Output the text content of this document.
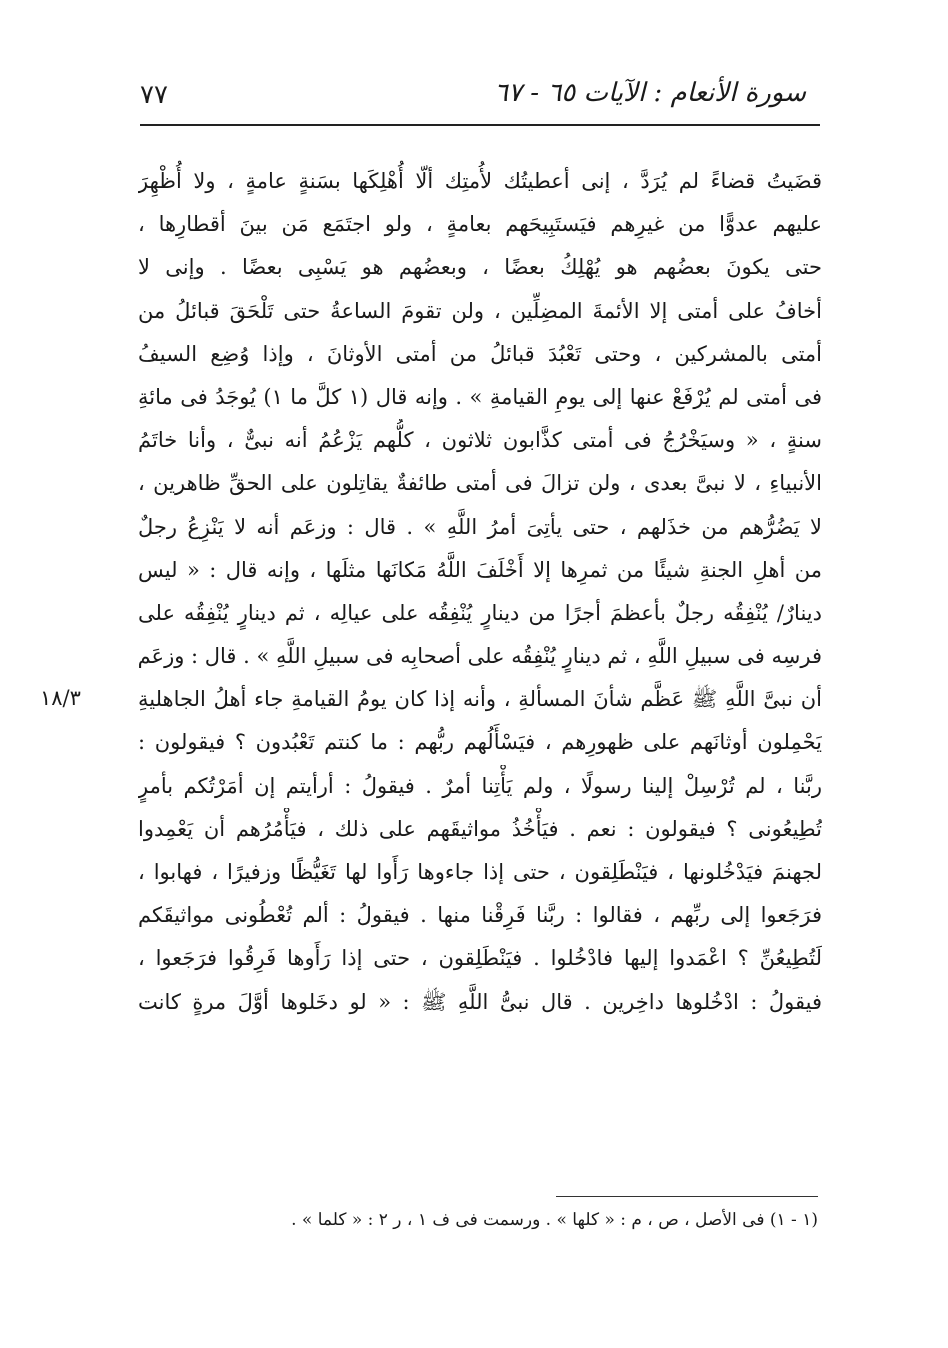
٧٧	سورة الأنعام : الآيات ٦٥ - ٦٧
١٨/٣
قضَيتُ قضاءً لم يُرَدَّ ، إنى أعطيتُك لأُمتِك ألّا أُهْلِكَها بسَنةٍ عامةٍ ، ولا أُظْهِرَ
عليهم عدوًّا من غيرِهم فيَستَبِيحَهم بعامةٍ ، ولو اجتَمَع مَن بينَ أقطارِها ،
حتى يكونَ بعضُهم هو يُهْلِكُ بعضًا ، وبعضُهم هو يَسْبِى بعضًا . وإنى لا
أخافُ على أمتى إلا الأئمةَ المضِلِّين ، ولن تقومَ الساعةُ حتى تَلْحَقَ قبائلُ من
أمتى بالمشركين ، وحتى تَعْبُدَ قبائلُ من أمتى الأوثانَ ، وإذا وُضِع السيفُ
فى أمتى لم يُرْفَعْ عنها إلى يومِ القيامةِ » . وإنه قال (١ كلَّ ما ١) يُوجَدُ فى مائةِ
سنةٍ ، « وسيَخْرُجُ فى أمتى كذَّابون ثلاثون ، كلُّهم يَزْعُمُ أنه نبىٌّ ، وأنا خاتَمُ
الأنبياءِ ، لا نبىَّ بعدى ، ولن تزالَ فى أمتى طائفةٌ يقاتِلون على الحقِّ ظاهرين ،
لا يَضُرُّهم من خذَلهم ، حتى يأتِىَ أمرُ اللَّهِ » . قال : وزعَم أنه لا يَنْزِعُ رجلٌ
من أهلِ الجنةِ شيئًا من ثمرِها إلا أَخْلَفَ اللَّهُ مَكانَها مثلَها ، وإنه قال : « ليس
دينارٌ/ يُنْفِقُه رجلٌ بأعظمَ أجرًا من دينارٍ يُنْفِقُه على عيالِه ، ثم دينارٍ يُنْفِقُه على
فرسِه فى سبيلِ اللَّهِ ، ثم دينارٍ يُنْفِقُه على أصحابِه فى سبيلِ اللَّهِ » . قال : وزعَم
أن نبىَّ اللَّهِ ﷺ عَظَّم شأنَ المسألةِ ، وأنه إذا كان يومُ القيامةِ جاء أهلُ الجاهليةِ
يَحْمِلون أوثانَهم على ظهورِهم ، فيَسْأَلُهم ربُّهم : ما كنتم تَعْبُدون ؟ فيقولون :
ربَّنا ، لم تُرْسِلْ إلينا رسولًا ، ولم يَأْتِنا أمرٌ . فيقولُ : أرأيتم إن أمَرْتُكم بأمرٍ
تُطِيعُونى ؟ فيقولون : نعم . فيَأْخُذُ مواثيقَهم على ذلك ، فيَأْمُرُهم أن يَعْمِدوا
لجهنمَ فيَدْخُلونها ، فيَنْطَلِقون ، حتى إذا جاءوها رَأَوا لها تَغَيُّظًا وزفيرًا ، فهابوا ،
فرَجَعوا إلى ربِّهم ، فقالوا : ربَّنا فَرِقْنا منها . فيقولُ : ألم تُعْطُونى مواثيقَكم
لَتُطِيعُنِّ ؟ اعْمَدوا إليها فادْخُلوا . فيَنْطَلِقون ، حتى إذا رَأَوها فَرِقُوا فرَجَعوا ،
فيقولُ : ادْخُلوها داخِرين . قال نبىُّ اللَّهِ ﷺ : « لو دخَلوها أوَّلَ مرةٍ كانت
(١ - ١) فى الأصل ، ص ، م : « كلها » . ورسمت فى ف ١ ، ر ٢ : « كلما » .
